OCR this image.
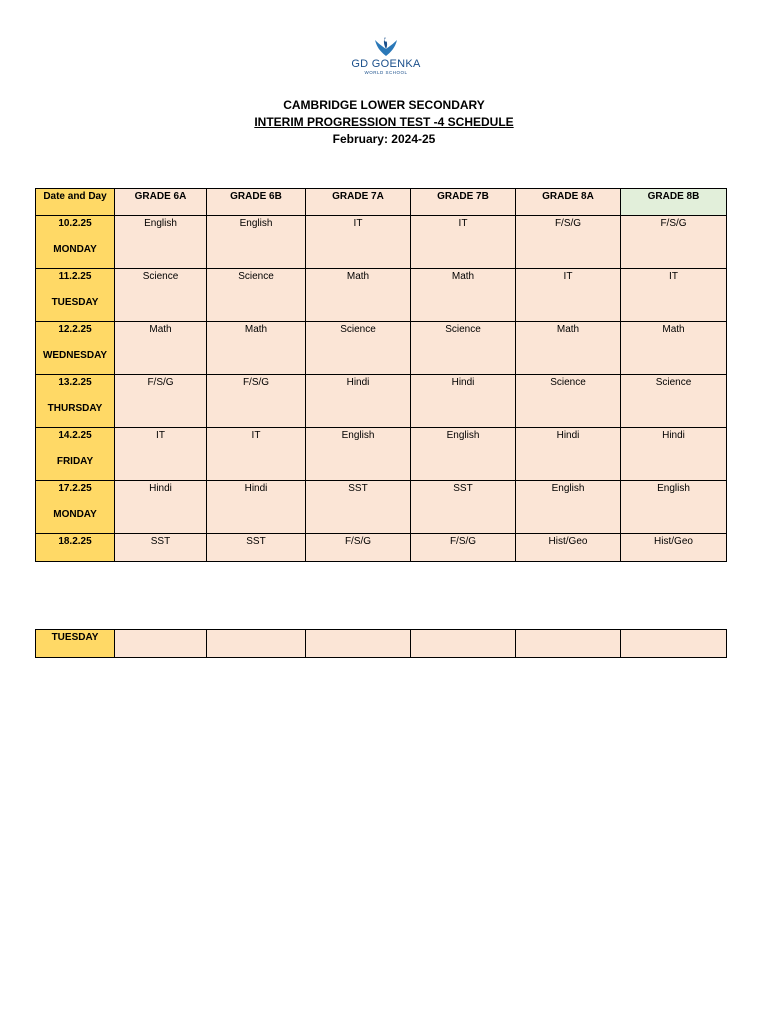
GD GOENKA
WORLD SCHOOL
CAMBRIDGE LOWER SECONDARY
INTERIM PROGRESSION TEST -4 SCHEDULE
February: 2024-25
Date and Day	GRADE 6A	GRADE 6B	GRADE 7A	GRADE 7B	GRADE 8A	GRADE 8B

10.2.25
MONDAY	English	English	IT	IT	F/S/G	F/S/G

11.2.25
TUESDAY	Science	Science	Math	Math	IT	IT

12.2.25
WEDNESDAY	Math	Math	Science	Science	Math	Math

13.2.25
THURSDAY	F/S/G	F/S/G	Hindi	Hindi	Science	Science

14.2.25
FRIDAY	IT	IT	English	English	Hindi	Hindi

17.2.25
MONDAY	Hindi	Hindi	SST	SST	English	English

18.2.25	SST	SST	F/S/G	F/S/G	Hist/Geo	Hist/Geo
TUESDAY						
